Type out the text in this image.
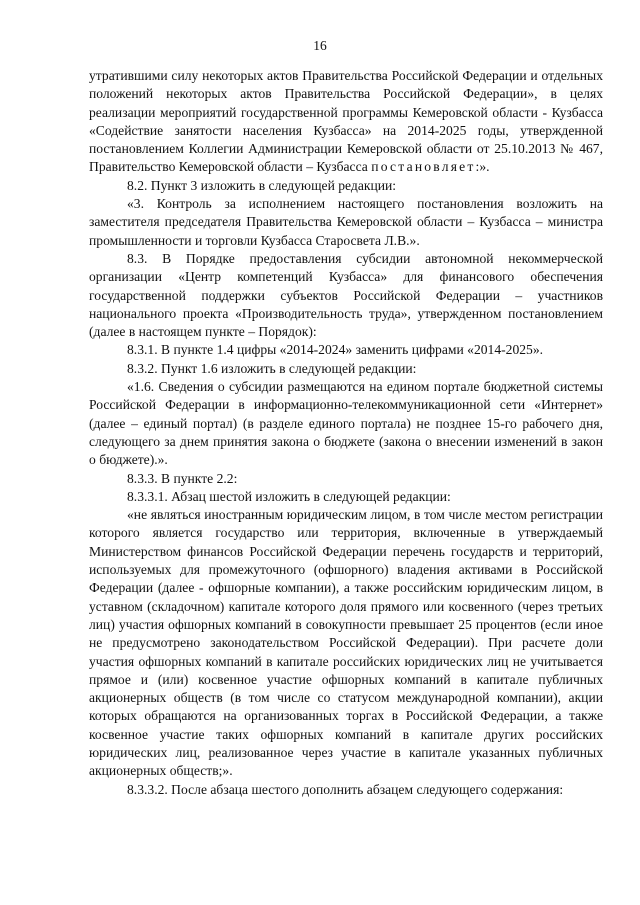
16

утратившими силу некоторых актов Правительства Российской Федерации и отдельных положений некоторых актов Правительства Российской Федерации», в целях реализации мероприятий государственной программы Кемеровской области - Кузбасса «Содействие занятости населения Кузбасса» на 2014-2025 годы, утвержденной постановлением Коллегии Администрации Кемеровской области от 25.10.2013 № 467, Правительство Кемеровской области – Кузбасса постановляет:».

8.2. Пункт 3 изложить в следующей редакции:

«3. Контроль за исполнением настоящего постановления возложить на заместителя председателя Правительства Кемеровской области – Кузбасса – министра промышленности и торговли Кузбасса Старосвета Л.В.».

8.3. В Порядке предоставления субсидии автономной некоммерческой организации «Центр компетенций Кузбасса» для финансового обеспечения государственной поддержки субъектов Российской Федерации – участников национального проекта «Производительность труда», утвержденном постановлением (далее в настоящем пункте – Порядок):

8.3.1. В пункте 1.4 цифры «2014-2024» заменить цифрами «2014-2025».

8.3.2. Пункт 1.6 изложить в следующей редакции:

«1.6. Сведения о субсидии размещаются на едином портале бюджетной системы Российской Федерации в информационно-телекоммуникационной сети «Интернет» (далее – единый портал) (в разделе единого портала) не позднее 15-го рабочего дня, следующего за днем принятия закона о бюджете (закона о внесении изменений в закон о бюджете).».

8.3.3. В пункте 2.2:

8.3.3.1. Абзац шестой изложить в следующей редакции:

«не являться иностранным юридическим лицом, в том числе местом регистрации которого является государство или территория, включенные в утверждаемый Министерством финансов Российской Федерации перечень государств и территорий, используемых для промежуточного (офшорного) владения активами в Российской Федерации (далее - офшорные компании), а также российским юридическим лицом, в уставном (складочном) капитале которого доля прямого или косвенного (через третьих лиц) участия офшорных компаний в совокупности превышает 25 процентов (если иное не предусмотрено законодательством Российской Федерации). При расчете доли участия офшорных компаний в капитале российских юридических лиц не учитывается прямое и (или) косвенное участие офшорных компаний в капитале публичных акционерных обществ (в том числе со статусом международной компании), акции которых обращаются на организованных торгах в Российской Федерации, а также косвенное участие таких офшорных компаний в капитале других российских юридических лиц, реализованное через участие в капитале указанных публичных акционерных обществ;».

8.3.3.2. После абзаца шестого дополнить абзацем следующего содержания:
